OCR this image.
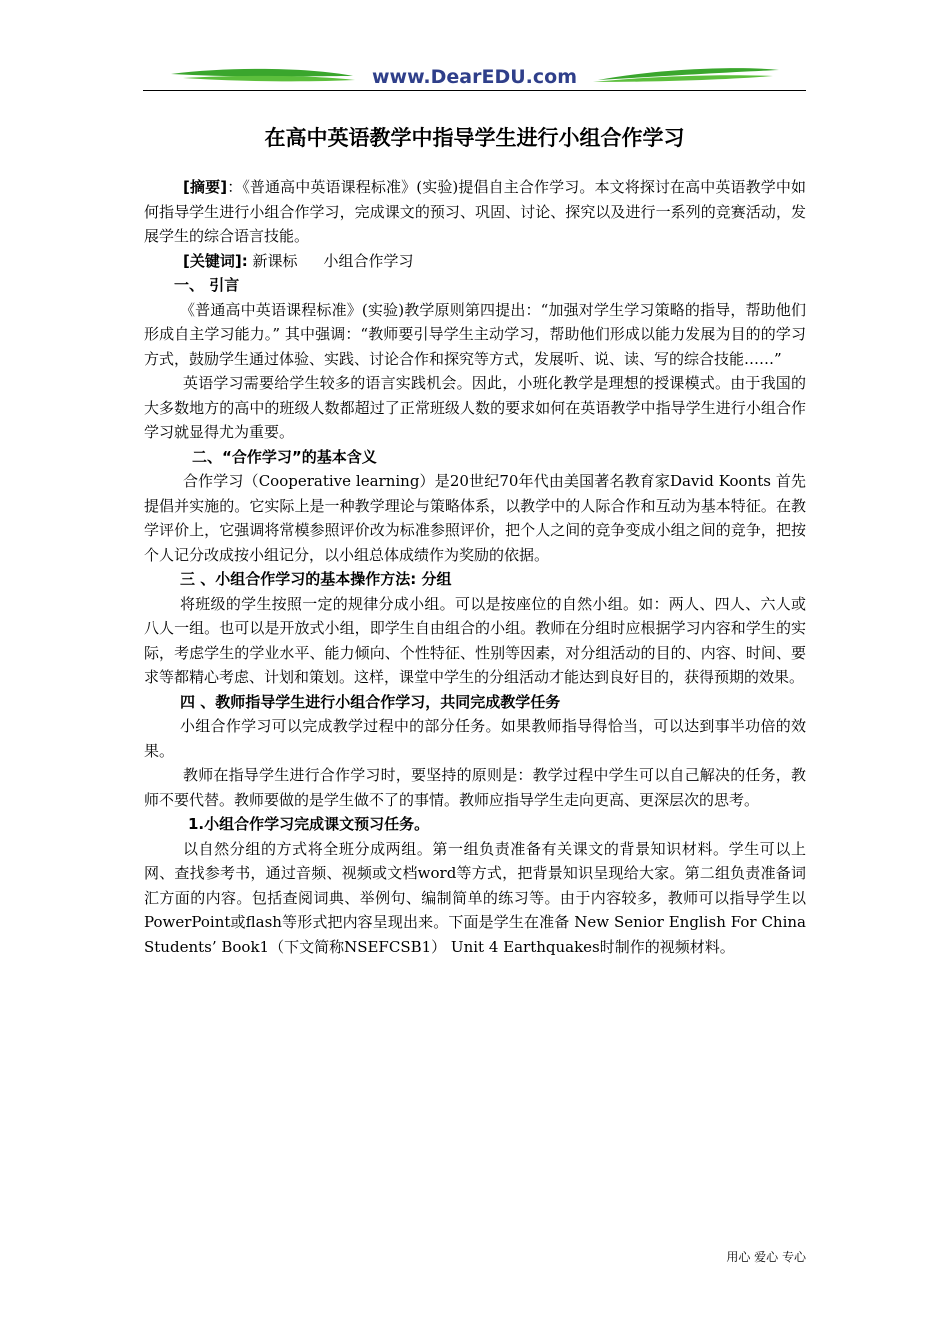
www.DearEDU.com
在高中英语教学中指导学生进行小组合作学习

[摘要]：《普通高中英语课程标准》(实验)提倡自主合作学习。本文将探讨在高中英语教学中如何指导学生进行小组合作学习，完成课文的预习、巩固、讨论、探究以及进行一系列的竞赛活动，发展学生的综合语言技能。

[关键词]: 新课标 小组合作学习

一、 引言

《普通高中英语课程标准》(实验)教学原则第四提出：“加强对学生学习策略的指导，帮助他们形成自主学习能力。” 其中强调：“教师要引导学生主动学习，帮助他们形成以能力发展为目的的学习方式，鼓励学生通过体验、实践、讨论合作和探究等方式，发展听、说、读、写的综合技能……”

英语学习需要给学生较多的语言实践机会。因此，小班化教学是理想的授课模式。由于我国的大多数地方的高中的班级人数都超过了正常班级人数的要求如何在英语教学中指导学生进行小组合作学习就显得尤为重要。

二、“合作学习”的基本含义

合作学习（Cooperative learning）是20世纪70年代由美国著名教育家David Koonts 首先提倡并实施的。它实际上是一种教学理论与策略体系，以教学中的人际合作和互动为基本特征。在教学评价上，它强调将常模参照评价改为标准参照评价，把个人之间的竞争变成小组之间的竞争，把按个人记分改成按小组记分，以小组总体成绩作为奖励的依据。

三 、小组合作学习的基本操作方法: 分组

将班级的学生按照一定的规律分成小组。可以是按座位的自然小组。如：两人、四人、六人或八人一组。也可以是开放式小组，即学生自由组合的小组。教师在分组时应根据学习内容和学生的实际，考虑学生的学业水平、能力倾向、个性特征、性别等因素，对分组活动的目的、内容、时间、要求等都精心考虑、计划和策划。这样，课堂中学生的分组活动才能达到良好目的，获得预期的效果。

四 、教师指导学生进行小组合作学习，共同完成教学任务

小组合作学习可以完成教学过程中的部分任务。如果教师指导得恰当，可以达到事半功倍的效果。

教师在指导学生进行合作学习时，要坚持的原则是：教学过程中学生可以自己解决的任务，教师不要代替。教师要做的是学生做不了的事情。教师应指导学生走向更高、更深层次的思考。

1.小组合作学习完成课文预习任务。

以自然分组的方式将全班分成两组。第一组负责准备有关课文的背景知识材料。学生可以上网、查找参考书，通过音频、视频或文档word等方式，把背景知识呈现给大家。第二组负责准备词汇方面的内容。包括查阅词典、举例句、编制简单的练习等。由于内容较多，教师可以指导学生以PowerPoint或flash等形式把内容呈现出来。下面是学生在准备 New Senior English For China Students’ Book1（下文简称NSEFCSB1） Unit 4 Earthquakes时制作的视频材料。

用心 爱心 专心
